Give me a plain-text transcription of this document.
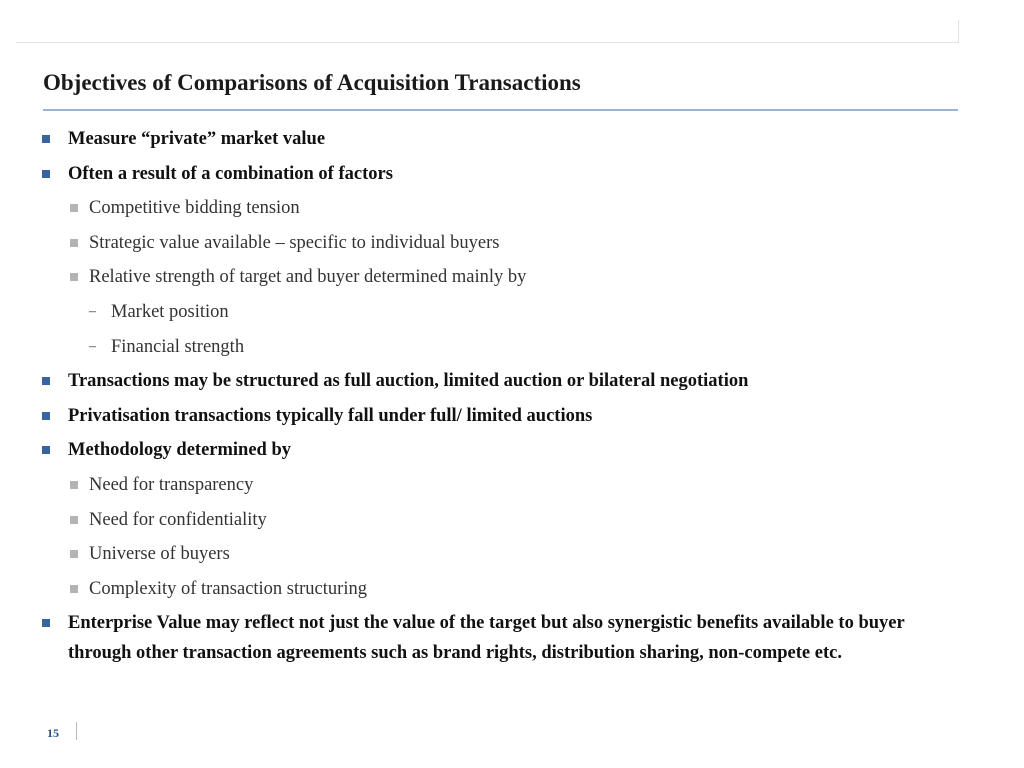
Objectives of Comparisons of Acquisition Transactions
Measure “private” market value
Often a result of a combination of factors
Competitive bidding tension
Strategic value available – specific to individual buyers
Relative strength of target and buyer determined mainly by
– Market position
– Financial strength
Transactions may be structured as full auction, limited auction or bilateral negotiation
Privatisation transactions typically fall under full/ limited auctions
Methodology determined by
Need for transparency
Need for confidentiality
Universe of buyers
Complexity of transaction structuring
Enterprise Value may reflect not just the value of the target but also synergistic benefits available to buyer through other transaction agreements such as brand rights, distribution sharing, non-compete etc.
15
